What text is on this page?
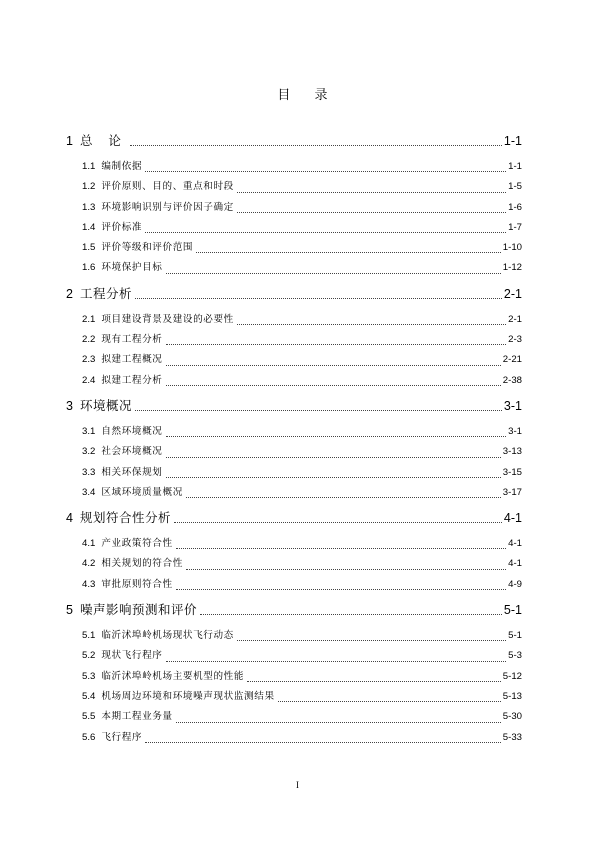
目 录
1 总 论	1-1
1.1 编制依据	1-1
1.2 评价原则、目的、重点和时段	1-5
1.3 环境影响识别与评价因子确定	1-6
1.4 评价标准	1-7
1.5 评价等级和评价范围	1-10
1.6 环境保护目标	1-12
2 工程分析	2-1
2.1 项目建设背景及建设的必要性	2-1
2.2 现有工程分析	2-3
2.3 拟建工程概况	2-21
2.4 拟建工程分析	2-38
3 环境概况	3-1
3.1 自然环境概况	3-1
3.2 社会环境概况	3-13
3.3 相关环保规划	3-15
3.4 区域环境质量概况	3-17
4 规划符合性分析	4-1
4.1 产业政策符合性	4-1
4.2 相关规划的符合性	4-1
4.3 审批原则符合性	4-9
5 噪声影响预测和评价	5-1
5.1 临沂沭埠岭机场现状飞行动态	5-1
5.2 现状飞行程序	5-3
5.3 临沂沭埠岭机场主要机型的性能	5-12
5.4 机场周边环境和环境噪声现状监测结果	5-13
5.5 本期工程业务量	5-30
5.6 飞行程序	5-33
I
